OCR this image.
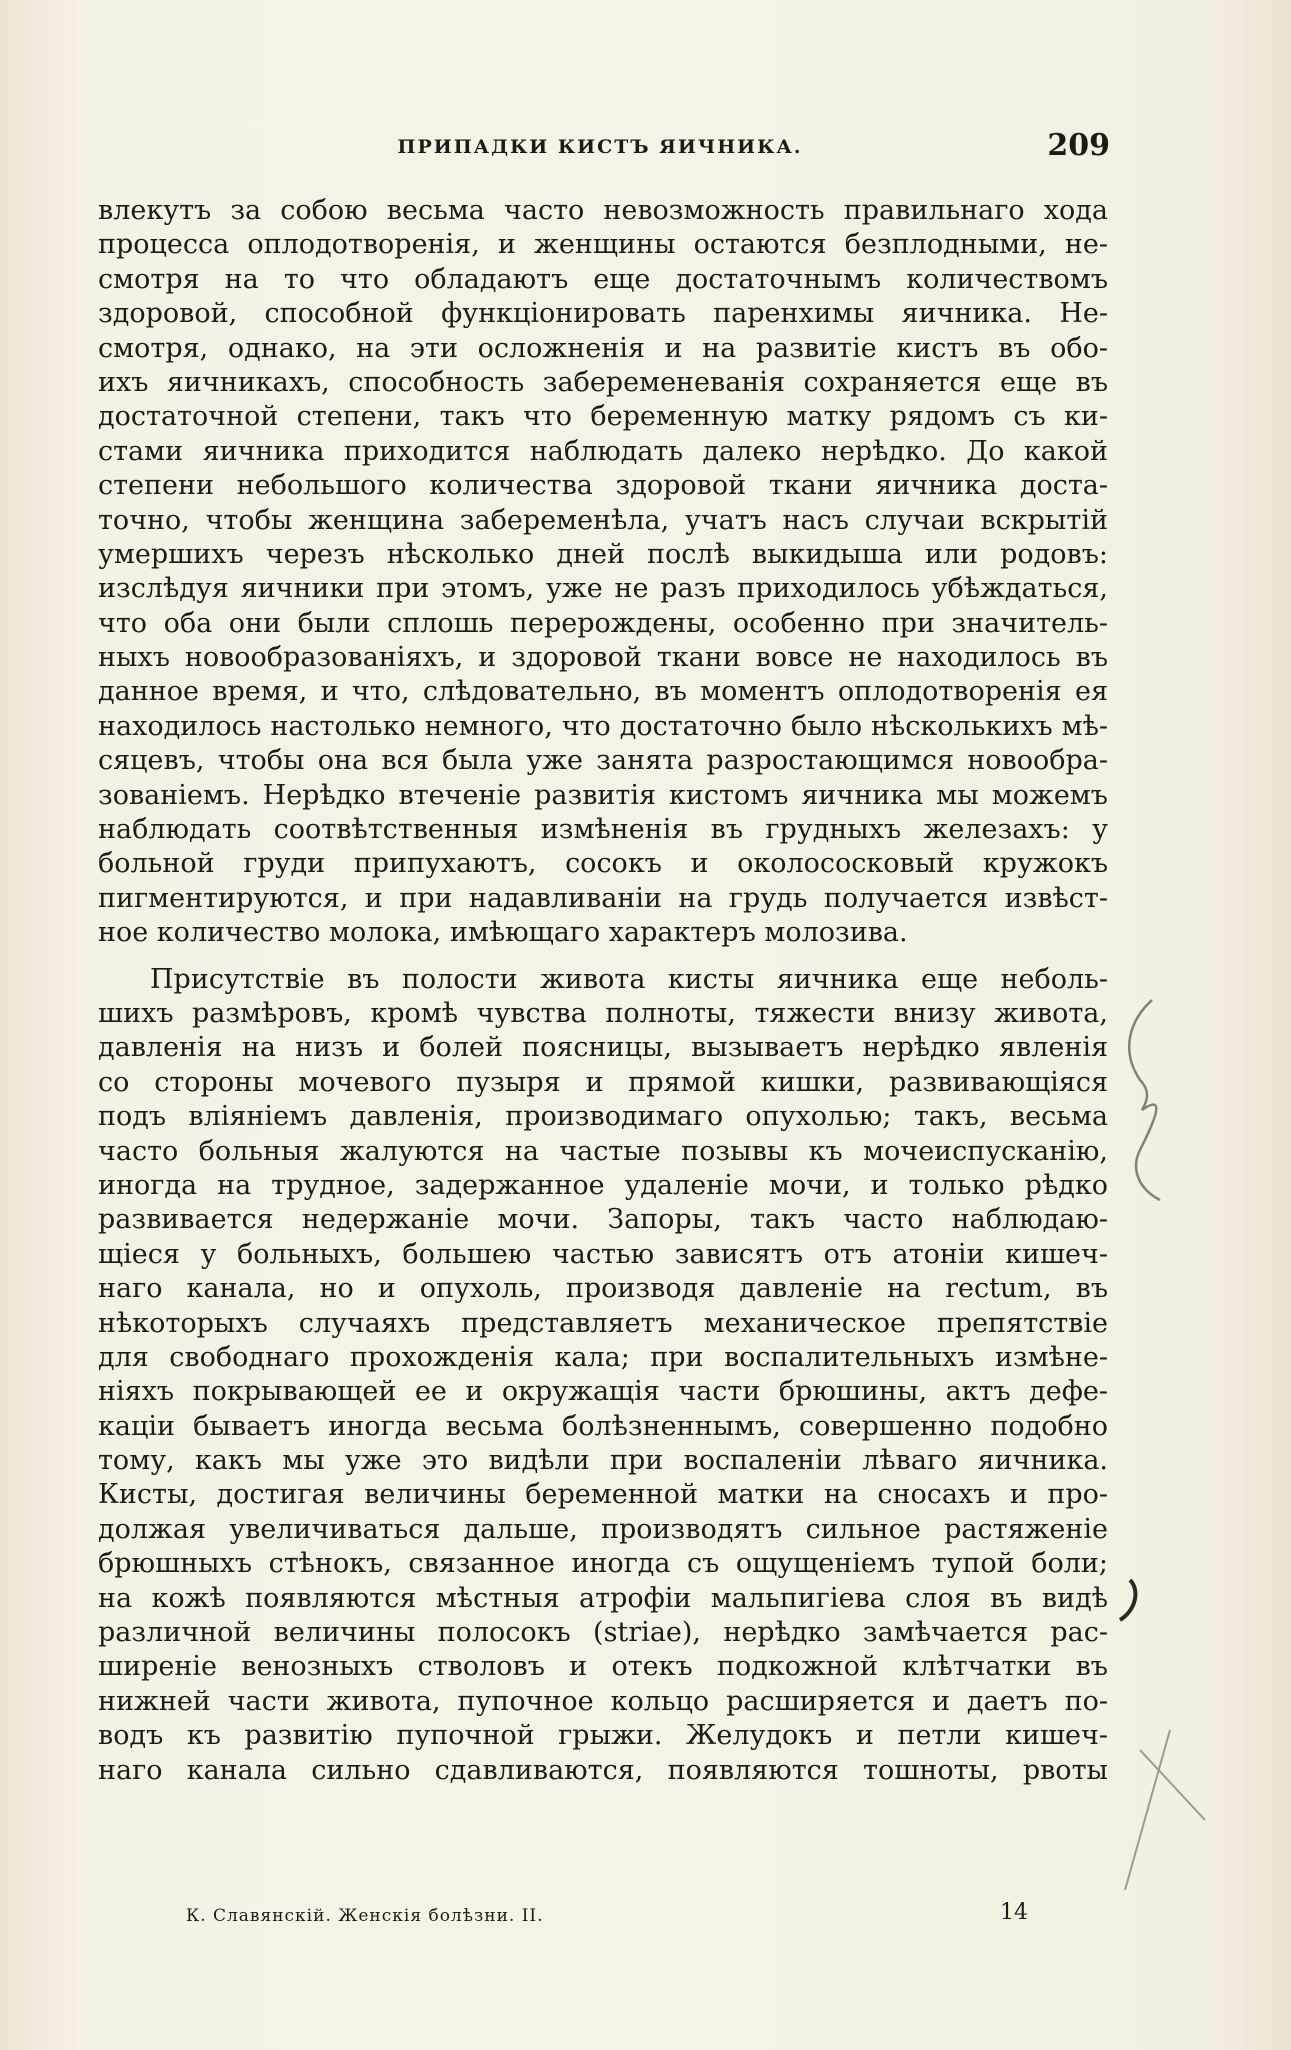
ПРИПАДКИ КИСТЪ ЯИЧНИКА.	209
влекутъ за собою весьма часто невозможность правильнаго хода
процесса оплодотворенія, и женщины остаются безплодными, не-
смотря на то что обладаютъ еще достаточнымъ количествомъ
здоровой, способной функціонировать паренхимы яичника. Не-
смотря, однако, на эти осложненія и на развитіе кистъ въ обо-
ихъ яичникахъ, способность забеременеванія сохраняется еще въ
достаточной степени, такъ что беременную матку рядомъ съ ки-
стами яичника приходится наблюдать далеко нерѣдко. До какой
степени небольшого количества здоровой ткани яичника доста-
точно, чтобы женщина забеременѣла, учатъ насъ случаи вскрытій
умершихъ черезъ нѣсколько дней послѣ выкидыша или родовъ:
изслѣдуя яичники при этомъ, уже не разъ приходилось убѣждаться,
что оба они были сплошь перерождены, особенно при значитель-
ныхъ новообразованіяхъ, и здоровой ткани вовсе не находилось въ
данное время, и что, слѣдовательно, въ моментъ оплодотворенія ея
находилось настолько немного, что достаточно было нѣсколькихъ мѣ-
сяцевъ, чтобы она вся была уже занята разростающимся новообра-
зованіемъ. Нерѣдко втеченіе развитія кистомъ яичника мы можемъ
наблюдать соотвѣтственныя измѣненія въ грудныхъ железахъ: у
больной груди припухаютъ, сосокъ и околососковый кружокъ
пигментируются, и при надавливаніи на грудь получается извѣст-
ное количество молока, имѣющаго характеръ молозива.
Присутствіе въ полости живота кисты яичника еще неболь-
шихъ размѣровъ, кромѣ чувства полноты, тяжести внизу живота,
давленія на низъ и болей поясницы, вызываетъ нерѣдко явленія
со стороны мочевого пузыря и прямой кишки, развивающіяся
подъ вліяніемъ давленія, производимаго опухолью; такъ, весьма
часто больныя жалуются на частые позывы къ мочеиспусканію,
иногда на трудное, задержанное удаленіе мочи, и только рѣдко
развивается недержаніе мочи. Запоры, такъ часто наблюдаю-
щіеся у больныхъ, большею частью зависятъ отъ атоніи кишеч-
наго канала, но и опухоль, производя давленіе на rectum, въ
нѣкоторыхъ случаяхъ представляетъ механическое препятствіе
для свободнаго прохожденія кала; при воспалительныхъ измѣне-
ніяхъ покрывающей ее и окружащія части брюшины, актъ дефе-
каціи бываетъ иногда весьма болѣзненнымъ, совершенно подобно
тому, какъ мы уже это видѣли при воспаленіи лѣваго яичника.
Кисты, достигая величины беременной матки на сносахъ и про-
должая увеличиваться дальше, производятъ сильное растяженіе
брюшныхъ стѣнокъ, связанное иногда съ ощущеніемъ тупой боли;
на кожѣ появляются мѣстныя атрофіи мальпигіева слоя въ видѣ
различной величины полосокъ (striae), нерѣдко замѣчается рас-
ширеніе венозныхъ стволовъ и отекъ подкожной клѣтчатки въ
нижней части живота, пупочное кольцо расширяется и даетъ по-
водъ къ развитію пупочной грыжи. Желудокъ и петли кишеч-
наго канала сильно сдавливаются, появляются тошноты, рвоты
К. Славянскій. Женскія болѣзни. II.	14
